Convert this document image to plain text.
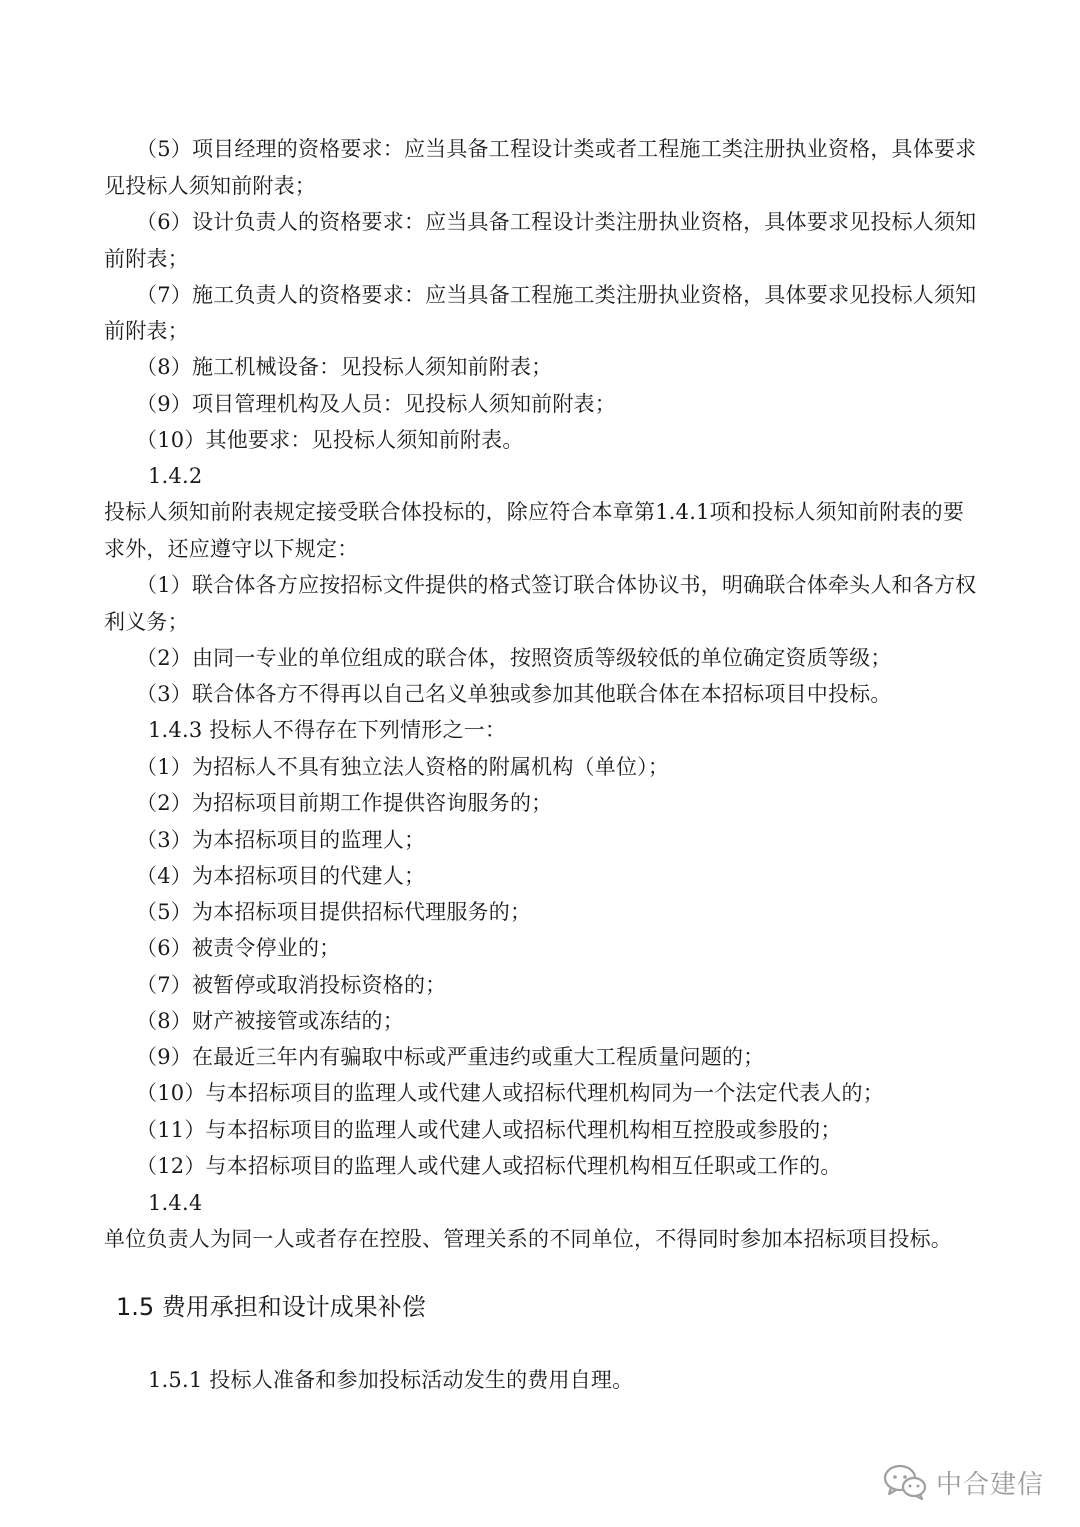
（5）项目经理的资格要求：应当具备工程设计类或者工程施工类注册执业资格，具体要求
见投标人须知前附表；
（6）设计负责人的资格要求：应当具备工程设计类注册执业资格，具体要求见投标人须知
前附表；
（7）施工负责人的资格要求：应当具备工程施工类注册执业资格，具体要求见投标人须知
前附表；
（8）施工机械设备：见投标人须知前附表；
（9）项目管理机构及人员：见投标人须知前附表；
（10）其他要求：见投标人须知前附表。
1.4.2
投标人须知前附表规定接受联合体投标的，除应符合本章第1.4.1项和投标人须知前附表的要
求外，还应遵守以下规定：
（1）联合体各方应按招标文件提供的格式签订联合体协议书，明确联合体牵头人和各方权
利义务；
（2）由同一专业的单位组成的联合体，按照资质等级较低的单位确定资质等级；
（3）联合体各方不得再以自己名义单独或参加其他联合体在本招标项目中投标。
1.4.3 投标人不得存在下列情形之一：
（1）为招标人不具有独立法人资格的附属机构（单位）；
（2）为招标项目前期工作提供咨询服务的；
（3）为本招标项目的监理人；
（4）为本招标项目的代建人；
（5）为本招标项目提供招标代理服务的；
（6）被责令停业的；
（7）被暂停或取消投标资格的；
（8）财产被接管或冻结的；
（9）在最近三年内有骗取中标或严重违约或重大工程质量问题的；
（10）与本招标项目的监理人或代建人或招标代理机构同为一个法定代表人的；
（11）与本招标项目的监理人或代建人或招标代理机构相互控股或参股的；
（12）与本招标项目的监理人或代建人或招标代理机构相互任职或工作的。
1.4.4
单位负责人为同一人或者存在控股、管理关系的不同单位，不得同时参加本招标项目投标。
1.5 费用承担和设计成果补偿
1.5.1 投标人准备和参加投标活动发生的费用自理。
中合建信
